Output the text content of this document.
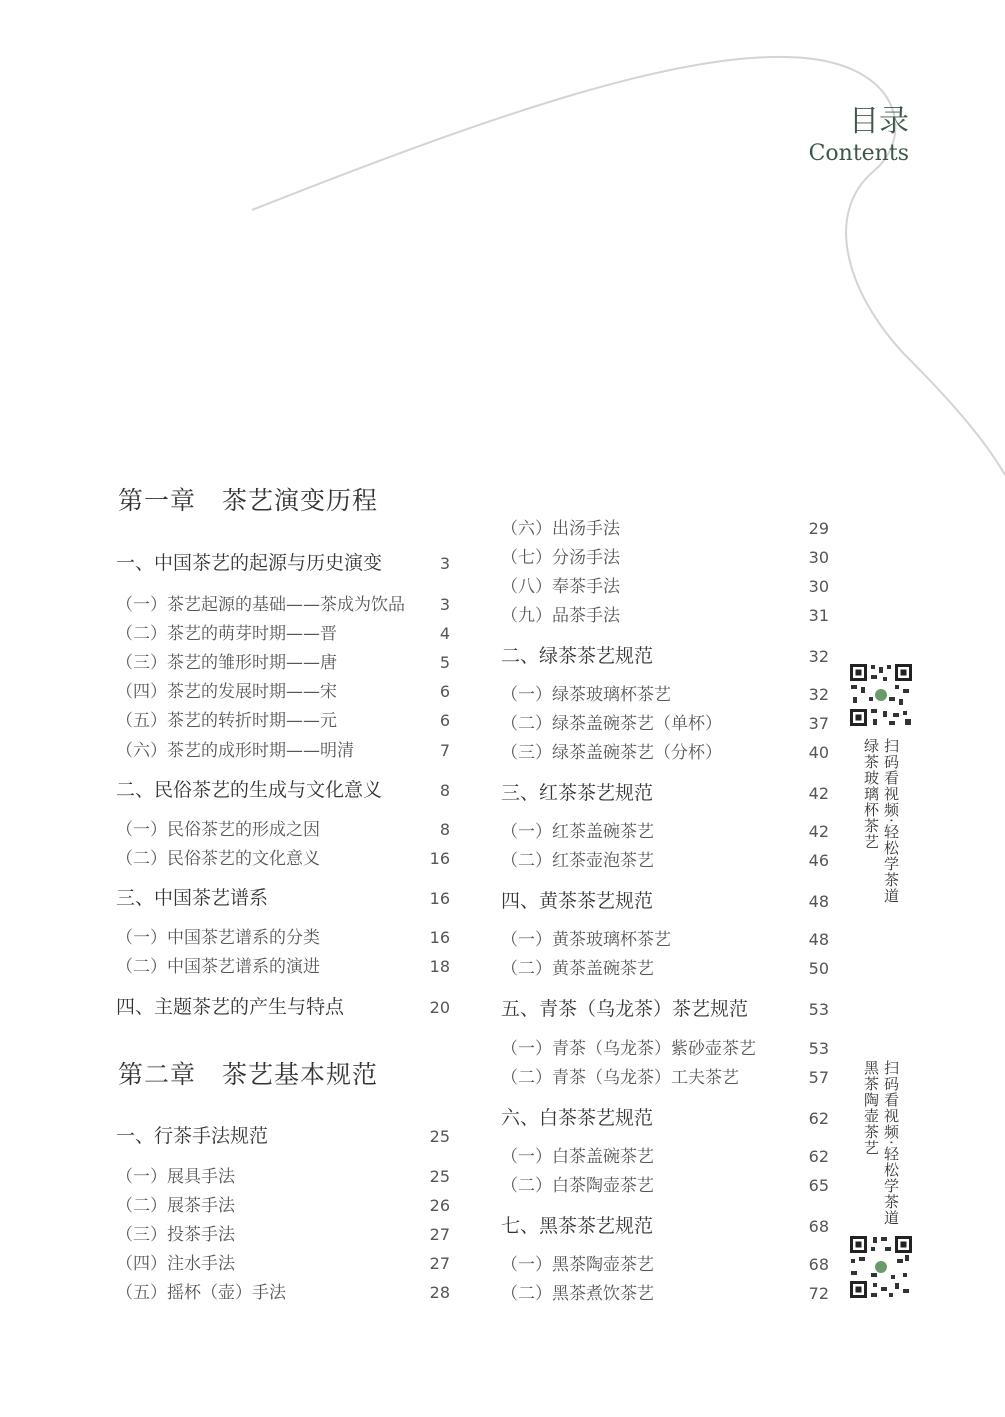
目录
Contents
第一章　茶艺演变历程
一、中国茶艺的起源与历史演变	3
（一）茶艺起源的基础——茶成为饮品 3
（二）茶艺的萌芽时期——晋	4
（三）茶艺的雏形时期——唐	5
（四）茶艺的发展时期——宋	6
（五）茶艺的转折时期——元	6
（六）茶艺的成形时期——明清	7
二、民俗茶艺的生成与文化意义	8
（一）民俗茶艺的形成之因	8
（二）民俗茶艺的文化意义	16
三、中国茶艺谱系	16
（一）中国茶艺谱系的分类	16
（二）中国茶艺谱系的演进	18
四、主题茶艺的产生与特点	20
第二章　茶艺基本规范
一、行茶手法规范	25
（一）展具手法	25
（二）展茶手法	26
（三）投茶手法	27
（四）注水手法	27
（五）摇杯（壶）手法	28
（六）出汤手法	29
（七）分汤手法	30
（八）奉茶手法	30
（九）品茶手法	31
二、绿茶茶艺规范	32
（一）绿茶玻璃杯茶艺	32
（二）绿茶盖碗茶艺（单杯）	37
（三）绿茶盖碗茶艺（分杯）	40
三、红茶茶艺规范	42
（一）红茶盖碗茶艺	42
（二）红茶壶泡茶艺	46
四、黄茶茶艺规范	48
（一）黄茶玻璃杯茶艺	48
（二）黄茶盖碗茶艺	50
五、青茶（乌龙茶）茶艺规范	53
（一）青茶（乌龙茶）紫砂壶茶艺	53
（二）青茶（乌龙茶）工夫茶艺	57
六、白茶茶艺规范	62
（一）白茶盖碗茶艺	62
（二）白茶陶壶茶艺	65
七、黑茶茶艺规范	68
（一）黑茶陶壶茶艺	68
（二）黑茶煮饮茶艺	72
扫码看视频·轻松学茶道
绿茶玻璃杯茶艺
扫码看视频·轻松学茶道
黑茶陶壶茶艺
